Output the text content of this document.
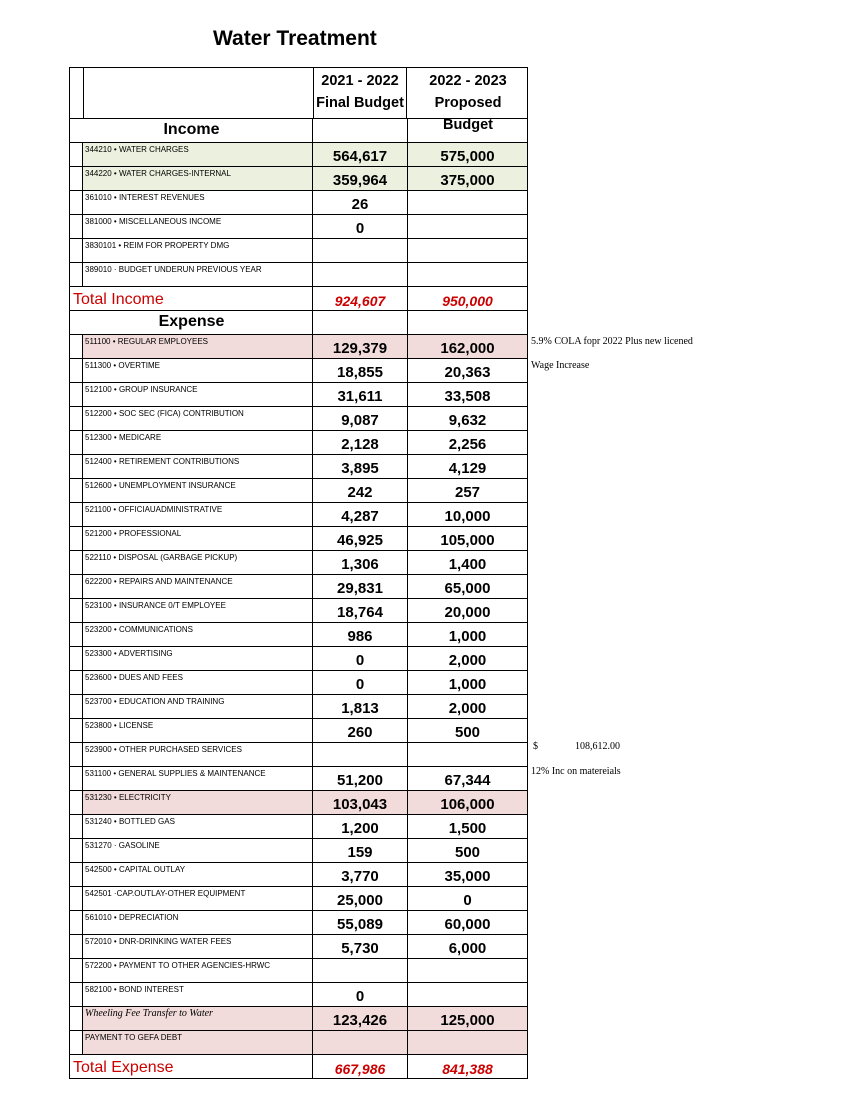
Water Treatment
2021 - 2022
Final Budget
2022 - 2023
Proposed
Budget
Income
344210 • WATER CHARGES	564,617	575,000
344220 • WATER CHARGES-INTERNAL	359,964	375,000
361010 • INTEREST REVENUES	26
381000 • MISCELLANEOUS INCOME	0
3830101 • REIM FOR PROPERTY DMG
389010 · BUDGET UNDERUN PREVIOUS YEAR
Total Income	924,607	950,000
Expense
511100 • REGULAR EMPLOYEES	129,379	162,000
511300 • OVERTIME	18,855	20,363
512100 • GROUP INSURANCE	31,611	33,508
512200 • SOC SEC (FICA) CONTRIBUTION	9,087	9,632
512300 • MEDICARE	2,128	2,256
512400 • RETIREMENT CONTRIBUTIONS	3,895	4,129
512600 • UNEMPLOYMENT INSURANCE	242	257
521100 • OFFICIAUADMINISTRATIVE	4,287	10,000
521200 • PROFESSIONAL	46,925	105,000
522110 • DISPOSAL (GARBAGE PICKUP)	1,306	1,400
622200 • REPAIRS AND MAINTENANCE	29,831	65,000
523100 • INSURANCE 0/T EMPLOYEE	18,764	20,000
523200 • COMMUNICATIONS	986	1,000
523300 • ADVERTISING	0	2,000
523600 • DUES AND FEES	0	1,000
523700 • EDUCATION AND TRAINING	1,813	2,000
523800 • LICENSE	260	500
523900 • OTHER PURCHASED SERVICES
531100 • GENERAL SUPPLIES & MAINTENANCE	51,200	67,344
531230 • ELECTRICITY	103,043	106,000
531240 • BOTTLED GAS	1,200	1,500
531270 · GASOLINE	159	500
542500 • CAPITAL OUTLAY	3,770	35,000
542501 ·CAP.OUTLAY-OTHER EQUIPMENT	25,000	0
561010 • DEPRECIATION	55,089	60,000
572010 • DNR-DRINKING WATER FEES	5,730	6,000
572200 • PAYMENT TO OTHER AGENCIES-HRWC
582100 • BOND INTEREST	0
Wheeling Fee Transfer to Water	123,426	125,000
PAYMENT TO GEFA DEBT
Total Expense	667,986	841,388
5.9% COLA fopr 2022 Plus new licened
Wage Increase
$	108,612.00
12% Inc on matereials
